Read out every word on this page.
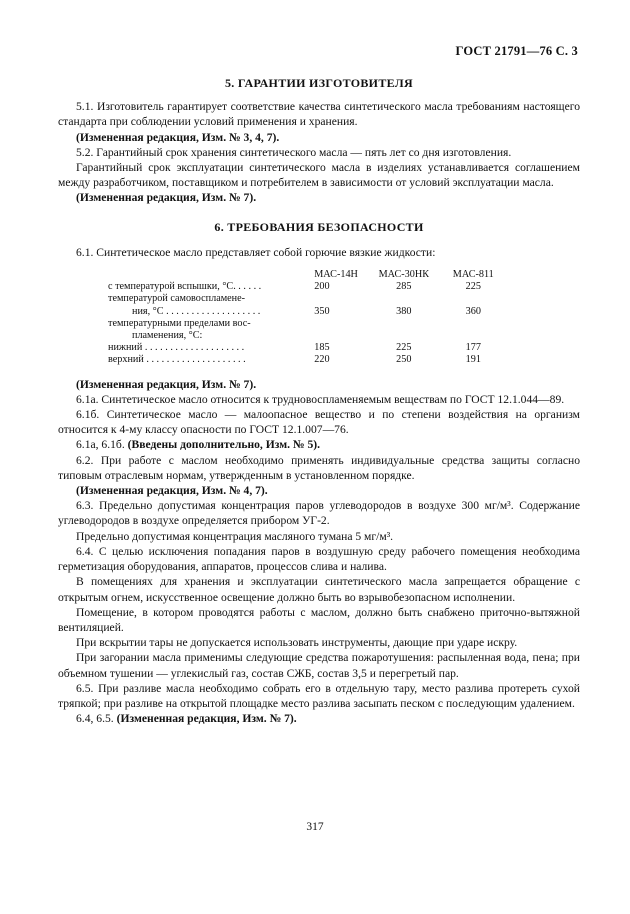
ГОСТ 21791—76 С. 3
5. ГАРАНТИИ ИЗГОТОВИТЕЛЯ

5.1. Изготовитель гарантирует соответствие качества синтетического масла требованиям настоящего стандарта при соблюдении условий применения и хранения.

(Измененная редакция, Изм. № 3, 4, 7).

5.2. Гарантийный срок хранения синтетического масла — пять лет со дня изготовления.

Гарантийный срок эксплуатации синтетического масла в изделиях устанавливается соглашением между разработчиком, поставщиком и потребителем в зависимости от условий эксплуатации масла.

(Измененная редакция, Изм. № 7).

6. ТРЕБОВАНИЯ БЕЗОПАСНОСТИ

6.1. Синтетическое масло представляет собой горючие вязкие жидкости:

	МАС-14Н	МАС-30НК	МАС-811
с температурой вспышки, °С. . . . . .	200	285	225
температурой самовоспламене-			
ния, °С . . . . . . . . . . . . . . . . . . .	350	380	360
температурными пределами вос-			
пламенения, °С:			
нижний . . . . . . . . . . . . . . . . . . . .	185	225	177
верхний . . . . . . . . . . . . . . . . . . . .	220	250	191

(Измененная редакция, Изм. № 7).

6.1а. Синтетическое масло относится к трудновоспламеняемым веществам по ГОСТ 12.1.044—89.

6.1б. Синтетическое масло — малоопасное вещество и по степени воздействия на организм относится к 4-му классу опасности по ГОСТ 12.1.007—76.

6.1а, 6.1б. (Введены дополнительно, Изм. № 5).

6.2. При работе с маслом необходимо применять индивидуальные средства защиты согласно типовым отраслевым нормам, утвержденным в установленном порядке.

(Измененная редакция, Изм. № 4, 7).

6.3. Предельно допустимая концентрация паров углеводородов в воздухе 300 мг/м³. Содержание углеводородов в воздухе определяется прибором УГ-2.

Предельно допустимая концентрация масляного тумана 5 мг/м³.

6.4. С целью исключения попадания паров в воздушную среду рабочего помещения необходима герметизация оборудования, аппаратов, процессов слива и налива.

В помещениях для хранения и эксплуатации синтетического масла запрещается обращение с открытым огнем, искусственное освещение должно быть во взрывобезопасном исполнении.

Помещение, в котором проводятся работы с маслом, должно быть снабжено приточно-вытяжной вентиляцией.

При вскрытии тары не допускается использовать инструменты, дающие при ударе искру.

При загорании масла применимы следующие средства пожаротушения: распыленная вода, пена; при объемном тушении — углекислый газ, состав СЖБ, состав 3,5 и перегретый пар.

6.5. При разливе масла необходимо собрать его в отдельную тару, место разлива протереть сухой тряпкой; при разливе на открытой площадке место разлива засыпать песком с последующим удалением.

6.4, 6.5. (Измененная редакция, Изм. № 7).

317
